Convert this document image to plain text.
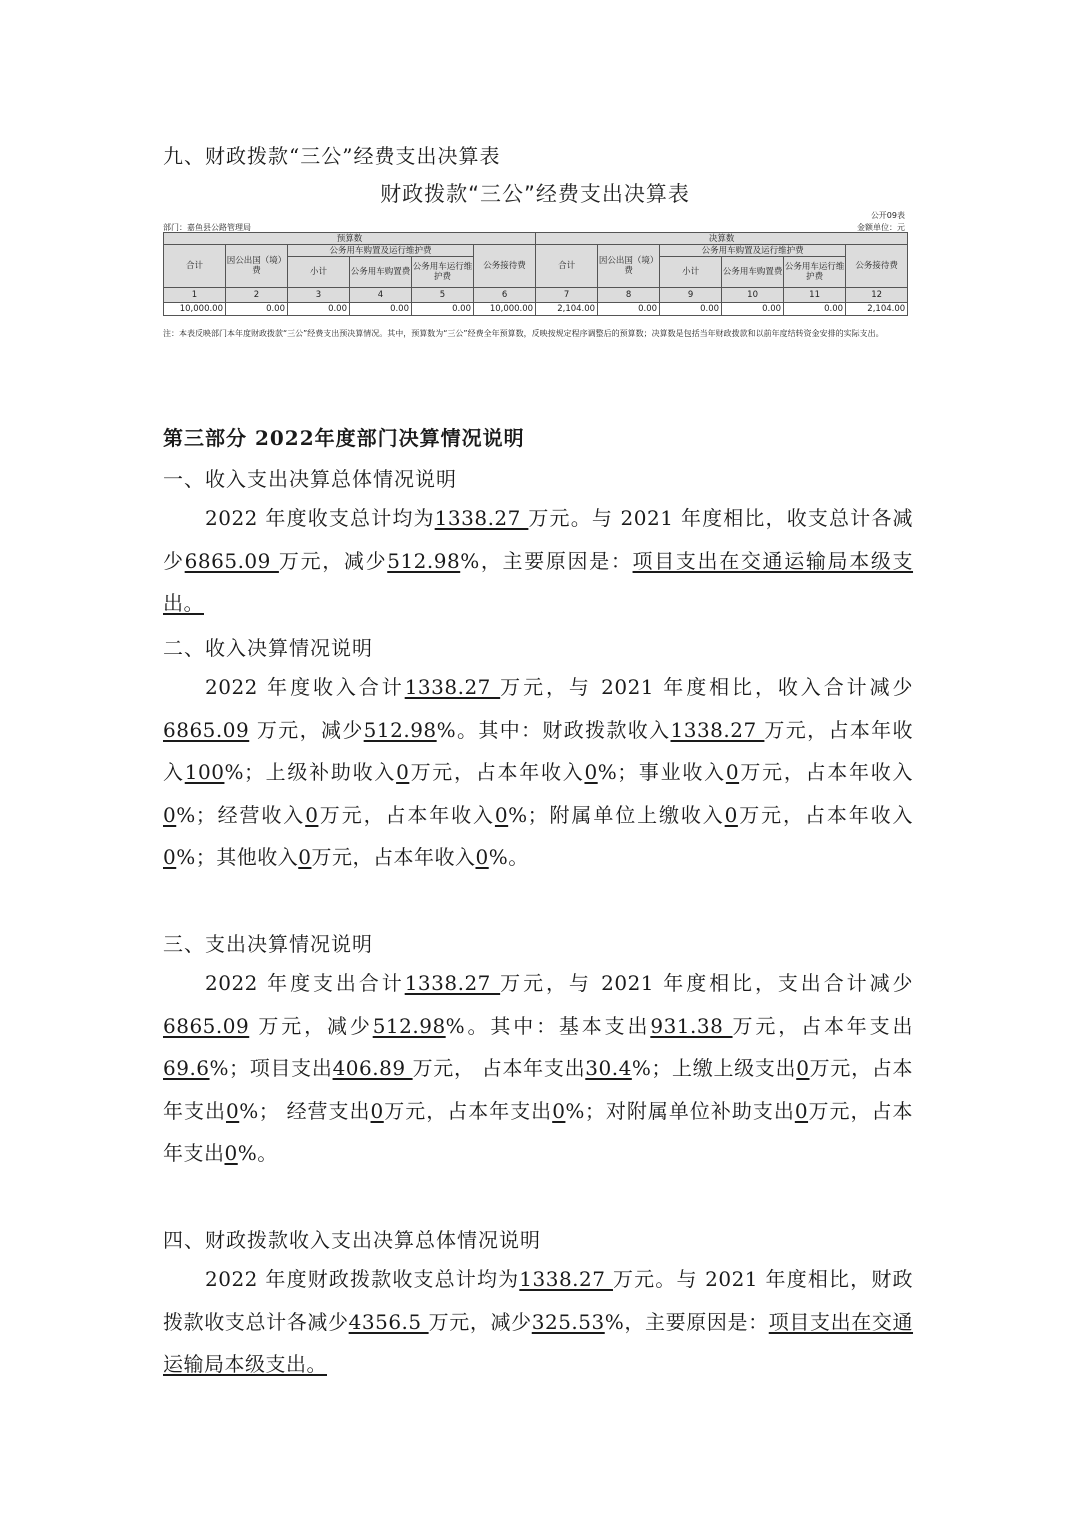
九、财政拨款“三公”经费支出决算表
财政拨款“三公”经费支出决算表
公开09表
部门：嘉鱼县公路管理局	金额单位：元
预算数						决算数					
合计	因公出国（境）费	公务用车购置及运行维护费			公务接待费	合计	因公出国（境）费	公务用车购置及运行维护费			公务接待费
		小计	公务用车购置费	公务用车运行维护费				小计	公务用车购置费	公务用车运行维护费	
1	2	3	4	5	6	7	8	9	10	11	12
10,000.00	0.00	0.00	0.00	0.00	10,000.00	2,104.00	0.00	0.00	0.00	0.00	2,104.00
注：本表反映部门本年度财政拨款“三公”经费支出预决算情况。其中，预算数为“三公”经费全年预算数，反映按规定程序调整后的预算数；决算数是包括当年财政拨款和以前年度结转资金安排的实际支出。
第三部分 2022年度部门决算情况说明
一、收入支出决算总体情况说明
2022 年度收支总计均为1338.27 万元。与 2021 年度相比，收支总计各减少6865.09 万元，减少512.98%，主要原因是：项目支出在交通运输局本级支出。
二、收入决算情况说明
2022 年度收入合计1338.27 万元，与 2021 年度相比，收入合计减少6865.09 万元，减少512.98%。其中：财政拨款收入1338.27 万元，占本年收入100%；上级补助收入0万元，占本年收入0%；事业收入0万元，占本年收入0%；经营收入0万元，占本年收入0%；附属单位上缴收入0万元，占本年收入0%；其他收入0万元，占本年收入0%。
三、支出决算情况说明
2022 年度支出合计1338.27 万元，与 2021 年度相比，支出合计减少6865.09 万元，减少512.98%。其中：基本支出931.38 万元，占本年支出69.6%；项目支出406.89 万元， 占本年支出30.4%；上缴上级支出0万元，占本年支出0%； 经营支出0万元，占本年支出0%；对附属单位补助支出0万元，占本年支出0%。
四、财政拨款收入支出决算总体情况说明
2022 年度财政拨款收支总计均为1338.27 万元。与 2021 年度相比，财政拨款收支总计各减少4356.5 万元，减少325.53%，主要原因是：项目支出在交通运输局本级支出。
